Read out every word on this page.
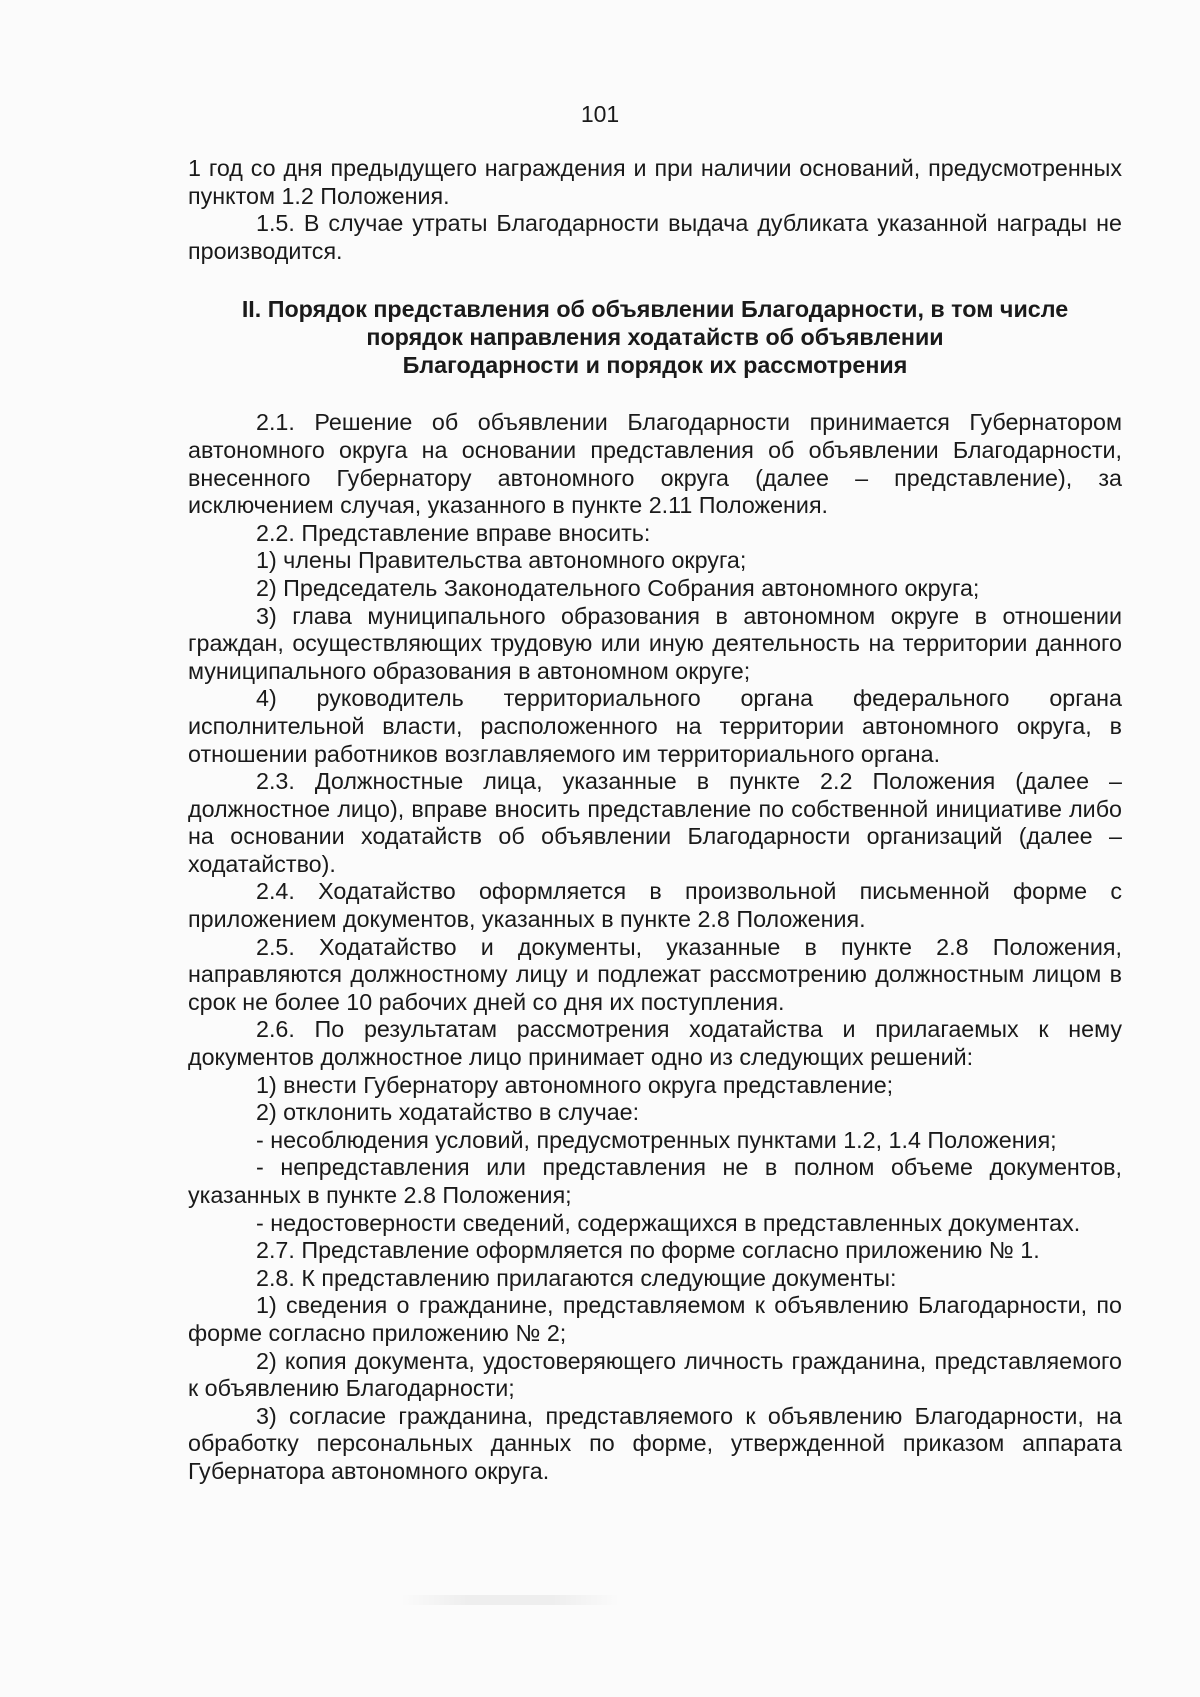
101

1 год со дня предыдущего награждения и при наличии оснований, предусмотренных пунктом 1.2 Положения.

1.5. В случае утраты Благодарности выдача дубликата указанной награды не производится.

II. Порядок представления об объявлении Благодарности, в том числе
порядок направления ходатайств об объявлении
Благодарности и порядок их рассмотрения

2.1. Решение об объявлении Благодарности принимается Губернатором автономного округа на основании представления об объявлении Благодарности, внесенного Губернатору автономного округа (далее – представление), за исключением случая, указанного в пункте 2.11 Положения.

2.2. Представление вправе вносить:

1) члены Правительства автономного округа;

2) Председатель Законодательного Собрания автономного округа;

3) глава муниципального образования в автономном округе в отношении граждан, осуществляющих трудовую или иную деятельность на территории данного муниципального образования в автономном округе;

4) руководитель территориального органа федерального органа исполнительной власти, расположенного на территории автономного округа, в отношении работников возглавляемого им территориального органа.

2.3. Должностные лица, указанные в пункте 2.2 Положения (далее – должностное лицо), вправе вносить представление по собственной инициативе либо на основании ходатайств об объявлении Благодарности организаций (далее – ходатайство).

2.4. Ходатайство оформляется в произвольной письменной форме с приложением документов, указанных в пункте 2.8 Положения.

2.5. Ходатайство и документы, указанные в пункте 2.8 Положения, направляются должностному лицу и подлежат рассмотрению должностным лицом в срок не более 10 рабочих дней со дня их поступления.

2.6. По результатам рассмотрения ходатайства и прилагаемых к нему документов должностное лицо принимает одно из следующих решений:

1) внести Губернатору автономного округа представление;

2) отклонить ходатайство в случае:

- несоблюдения условий, предусмотренных пунктами 1.2, 1.4 Положения;

- непредставления или представления не в полном объеме документов, указанных в пункте 2.8 Положения;

- недостоверности сведений, содержащихся в представленных документах.

2.7. Представление оформляется по форме согласно приложению № 1.

2.8. К представлению прилагаются следующие документы:

1) сведения о гражданине, представляемом к объявлению Благодарности, по форме согласно приложению № 2;

2) копия документа, удостоверяющего личность гражданина, представляемого к объявлению Благодарности;

3) согласие гражданина, представляемого к объявлению Благодарности, на обработку персональных данных по форме, утвержденной приказом аппарата Губернатора автономного округа.
